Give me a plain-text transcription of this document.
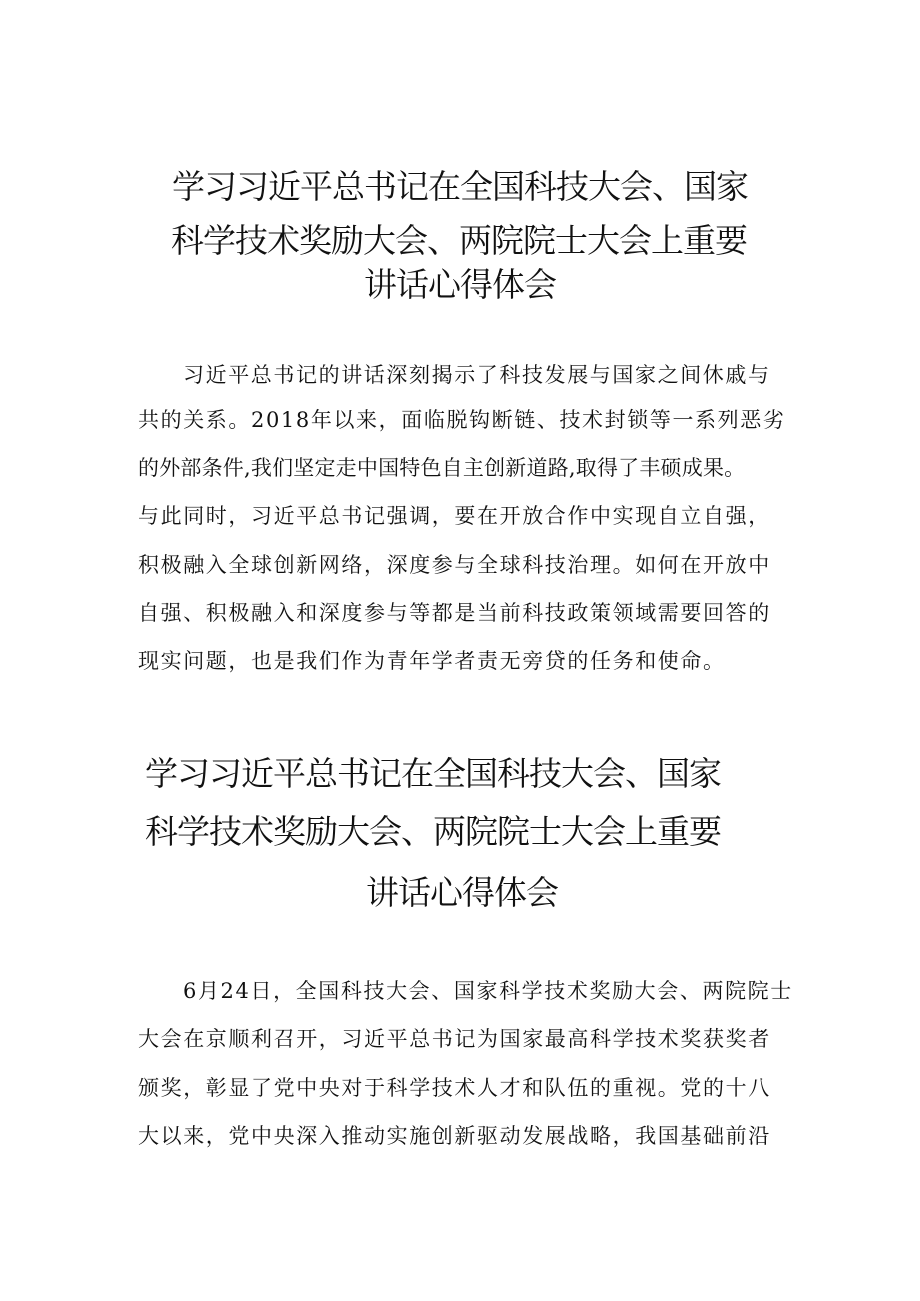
学习习近平总书记在全国科技大会、国家
科学技术奖励大会、两院院士大会上重要
讲话心得体会
习近平总书记的讲话深刻揭示了科技发展与国家之间休戚与
共的关系。2018年以来，面临脱钩断链、技术封锁等一系列恶劣
的外部条件,我们坚定走中国特色自主创新道路,取得了丰硕成果。
与此同时，习近平总书记强调，要在开放合作中实现自立自强，
积极融入全球创新网络，深度参与全球科技治理。如何在开放中
自强、积极融入和深度参与等都是当前科技政策领域需要回答的
现实问题，也是我们作为青年学者责无旁贷的任务和使命。
学习习近平总书记在全国科技大会、国家
科学技术奖励大会、两院院士大会上重要
讲话心得体会
6月24日，全国科技大会、国家科学技术奖励大会、两院院士
大会在京顺利召开，习近平总书记为国家最高科学技术奖获奖者
颁奖，彰显了党中央对于科学技术人才和队伍的重视。党的十八
大以来，党中央深入推动实施创新驱动发展战略，我国基础前沿
